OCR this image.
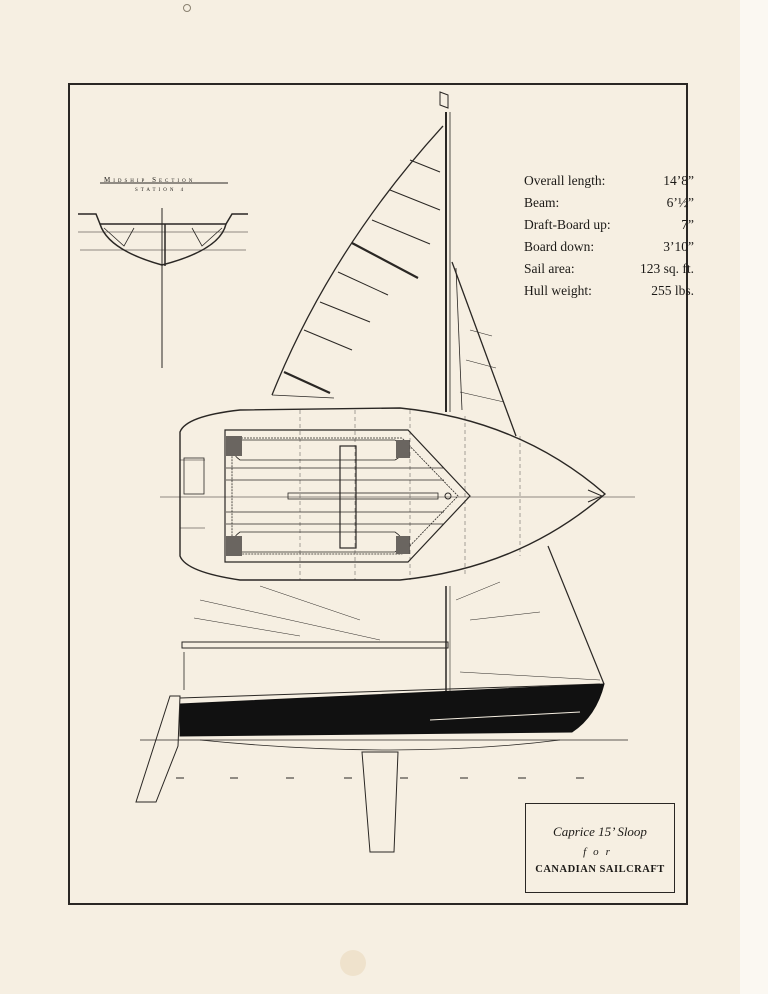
Midship Section
STATION 4
Overall length:	14’8”
Beam:	6’½”
Draft-Board up:	7”
Board down:	3’10”
Sail area:	123 sq. ft.
Hull weight:	255 lbs.
Caprice 15’ Sloop
for
CANADIAN SAILCRAFT
